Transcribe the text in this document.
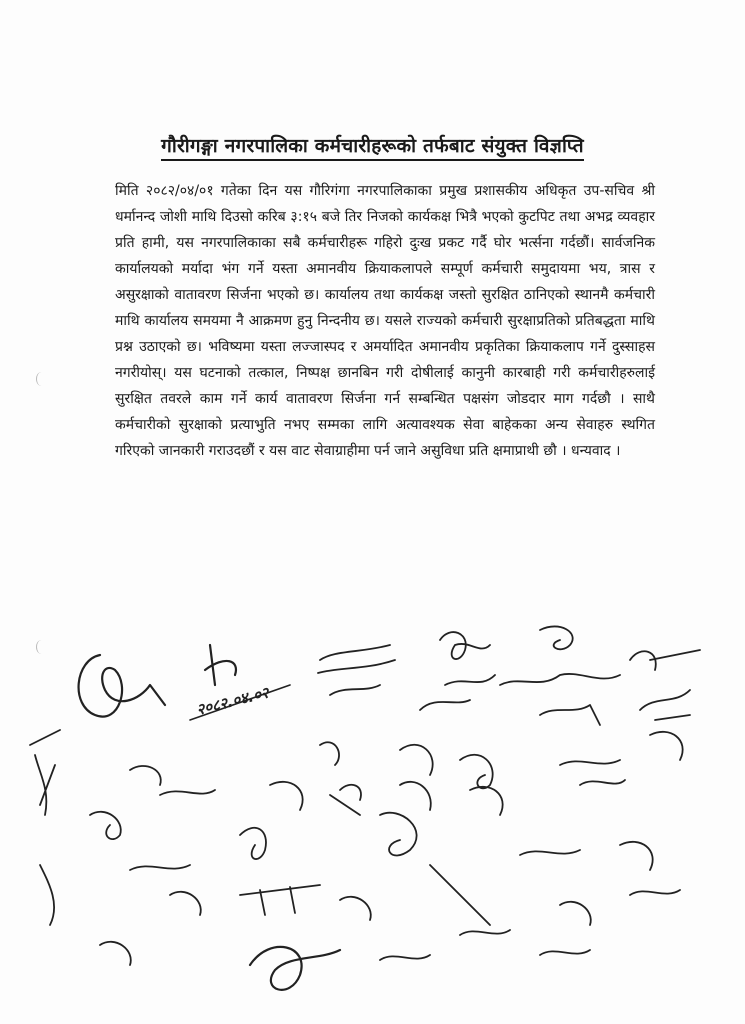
गौरीगङ्गा नगरपालिका कर्मचारीहरूको तर्फबाट संयुक्त विज्ञप्ति

मिति २०८२/०४/०१ गतेका दिन यस गौरिगंगा नगरपालिकाका प्रमुख प्रशासकीय अधिकृत उप-सचिव श्री धर्मानन्द जोशी माथि दिउसो करिब ३:१५ बजे तिर निजको कार्यकक्ष भित्रै भएको कुटपिट तथा अभद्र व्यवहार प्रति हामी, यस नगरपालिकाका सबै कर्मचारीहरू गहिरो दुःख प्रकट गर्दै घोर भर्त्सना गर्दछौं। सार्वजनिक कार्यालयको मर्यादा भंग गर्ने यस्ता अमानवीय क्रियाकलापले सम्पूर्ण कर्मचारी समुदायमा भय, त्रास र असुरक्षाको वातावरण सिर्जना भएको छ। कार्यालय तथा कार्यकक्ष जस्तो सुरक्षित ठानिएको स्थानमै कर्मचारी माथि कार्यालय समयमा नै आक्रमण हुनु निन्दनीय छ। यसले राज्यको कर्मचारी सुरक्षाप्रतिको प्रतिबद्धता माथि प्रश्न उठाएको छ। भविष्यमा यस्ता लज्जास्पद र अमर्यादित अमानवीय प्रकृतिका क्रियाकलाप गर्ने दुस्साहस नगरीयोस्। यस घटनाको तत्काल, निष्पक्ष छानबिन गरी दोषीलाई कानुनी कारबाही गरी कर्मचारीहरुलाई सुरक्षित तवरले काम गर्ने कार्य वातावरण सिर्जना गर्न सम्बन्धित पक्षसंग जोडदार माग गर्दछौ । साथै कर्मचारीको सुरक्षाको प्रत्याभुति नभए सम्मका लागि अत्यावश्यक सेवा बाहेकका अन्य सेवाहरु स्थगित गरिएको जानकारी गराउदछौं र यस वाट सेवाग्राहीमा पर्न जाने असुविधा प्रति क्षमाप्राथी छौ । धन्यवाद ।

२०८२.०४.०२
